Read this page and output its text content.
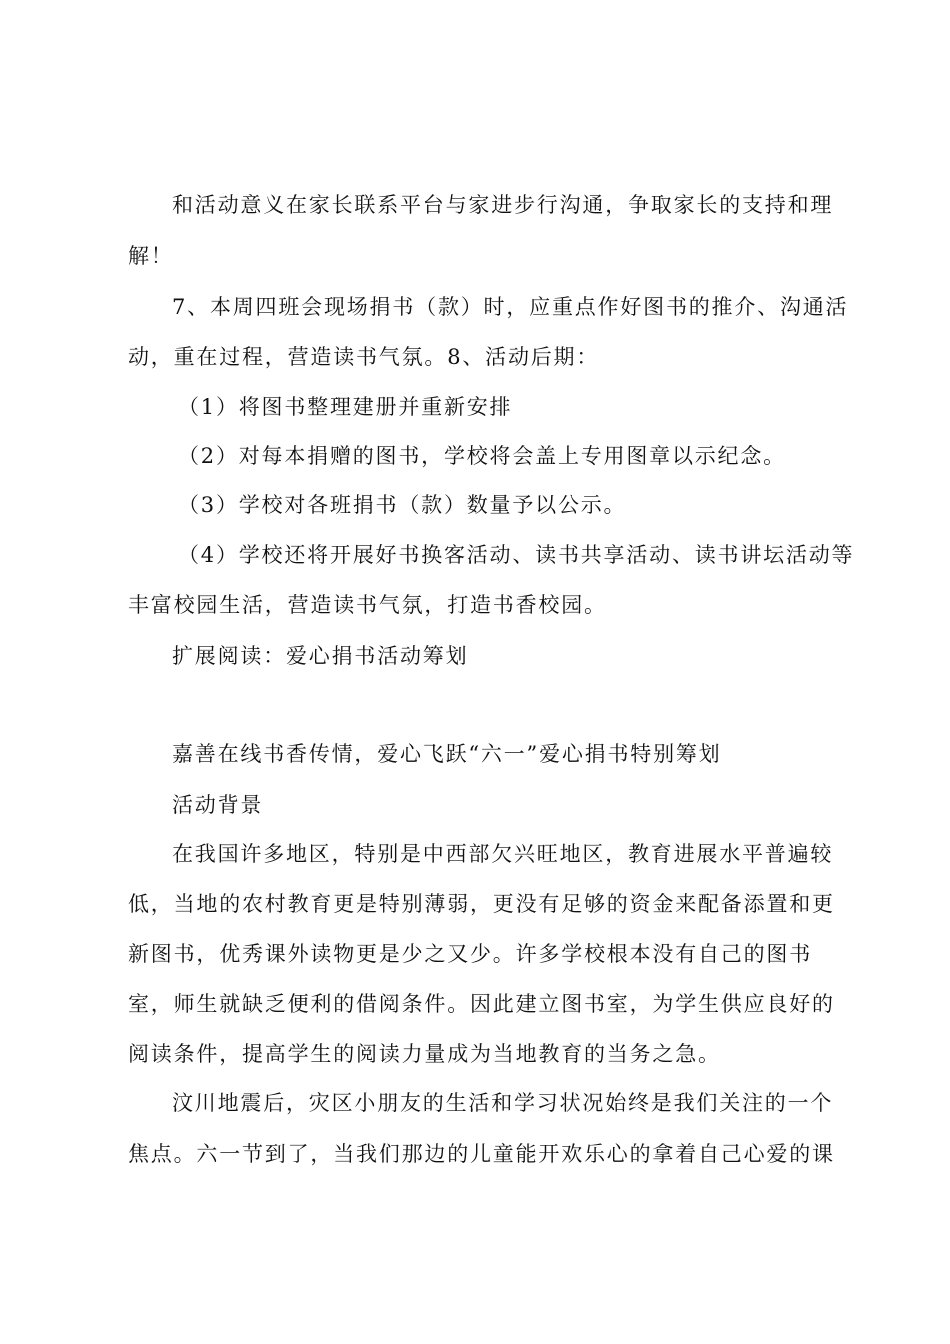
和活动意义在家长联系平台与家进步行沟通，争取家长的支持和理
解！
7、本周四班会现场捐书（款）时，应重点作好图书的推介、沟通活
动，重在过程，营造读书气氛。8、活动后期：
（1）将图书整理建册并重新安排
（2）对每本捐赠的图书，学校将会盖上专用图章以示纪念。
（3）学校对各班捐书（款）数量予以公示。
（4）学校还将开展好书换客活动、读书共享活动、读书讲坛活动等
丰富校园生活，营造读书气氛，打造书香校园。
扩展阅读：爱心捐书活动筹划
嘉善在线书香传情，爱心飞跃“六一”爱心捐书特别筹划
活动背景
在我国许多地区，特别是中西部欠兴旺地区，教育进展水平普遍较
低，当地的农村教育更是特别薄弱，更没有足够的资金来配备添置和更
新图书，优秀课外读物更是少之又少。许多学校根本没有自己的图书
室，师生就缺乏便利的借阅条件。因此建立图书室，为学生供应良好的
阅读条件，提高学生的阅读力量成为当地教育的当务之急。
汶川地震后，灾区小朋友的生活和学习状况始终是我们关注的一个
焦点。六一节到了，当我们那边的儿童能开欢乐心的拿着自己心爱的课
